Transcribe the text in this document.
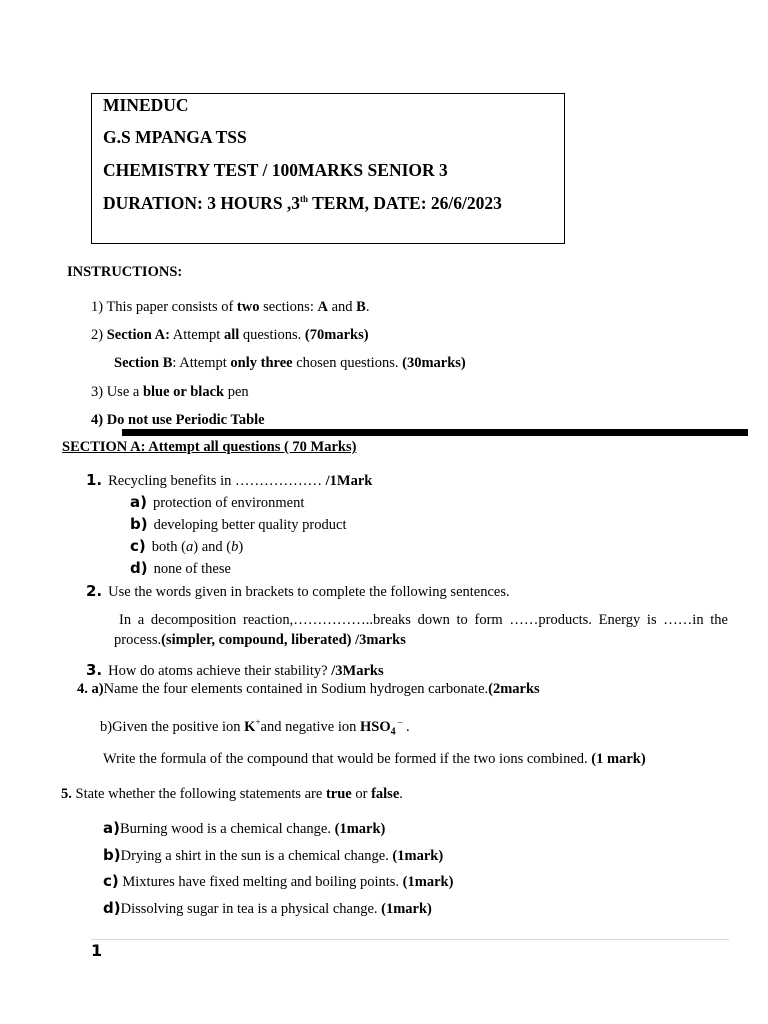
MINEDUC
G.S MPANGA TSS
CHEMISTRY TEST / 100MARKS SENIOR 3
DURATION: 3 HOURS ,3th TERM, DATE: 26/6/2023
INSTRUCTIONS:
1) This paper consists of two sections: A and B.
2) Section A: Attempt all questions. (70marks)
Section B: Attempt only three chosen questions. (30marks)
3) Use a blue or black pen
4) Do not use Periodic Table
SECTION A: Attempt all questions ( 70 Marks)
1. Recycling benefits in ……………… /1Mark
a) protection of environment
b) developing better quality product
c) both (a) and (b)
d) none of these
2. Use the words given in brackets to complete the following sentences.
In a decomposition reaction,……………..breaks down to form ……products. Energy is ……in the process.(simpler, compound, liberated) /3marks
3. How do atoms achieve their stability? /3Marks
4. a)Name the four elements contained in Sodium hydrogen carbonate.(2marks
b)Given the positive ion K+and negative ion $HSO_4$ – .
Write the formula of the compound that would be formed if the two ions combined. (1 mark)
5. State whether the following statements are true or false.
a)Burning wood is a chemical change. (1mark)
b)Drying a shirt in the sun is a chemical change. (1mark)
c) Mixtures have fixed melting and boiling points. (1mark)
d)Dissolving sugar in tea is a physical change. (1mark)
1
